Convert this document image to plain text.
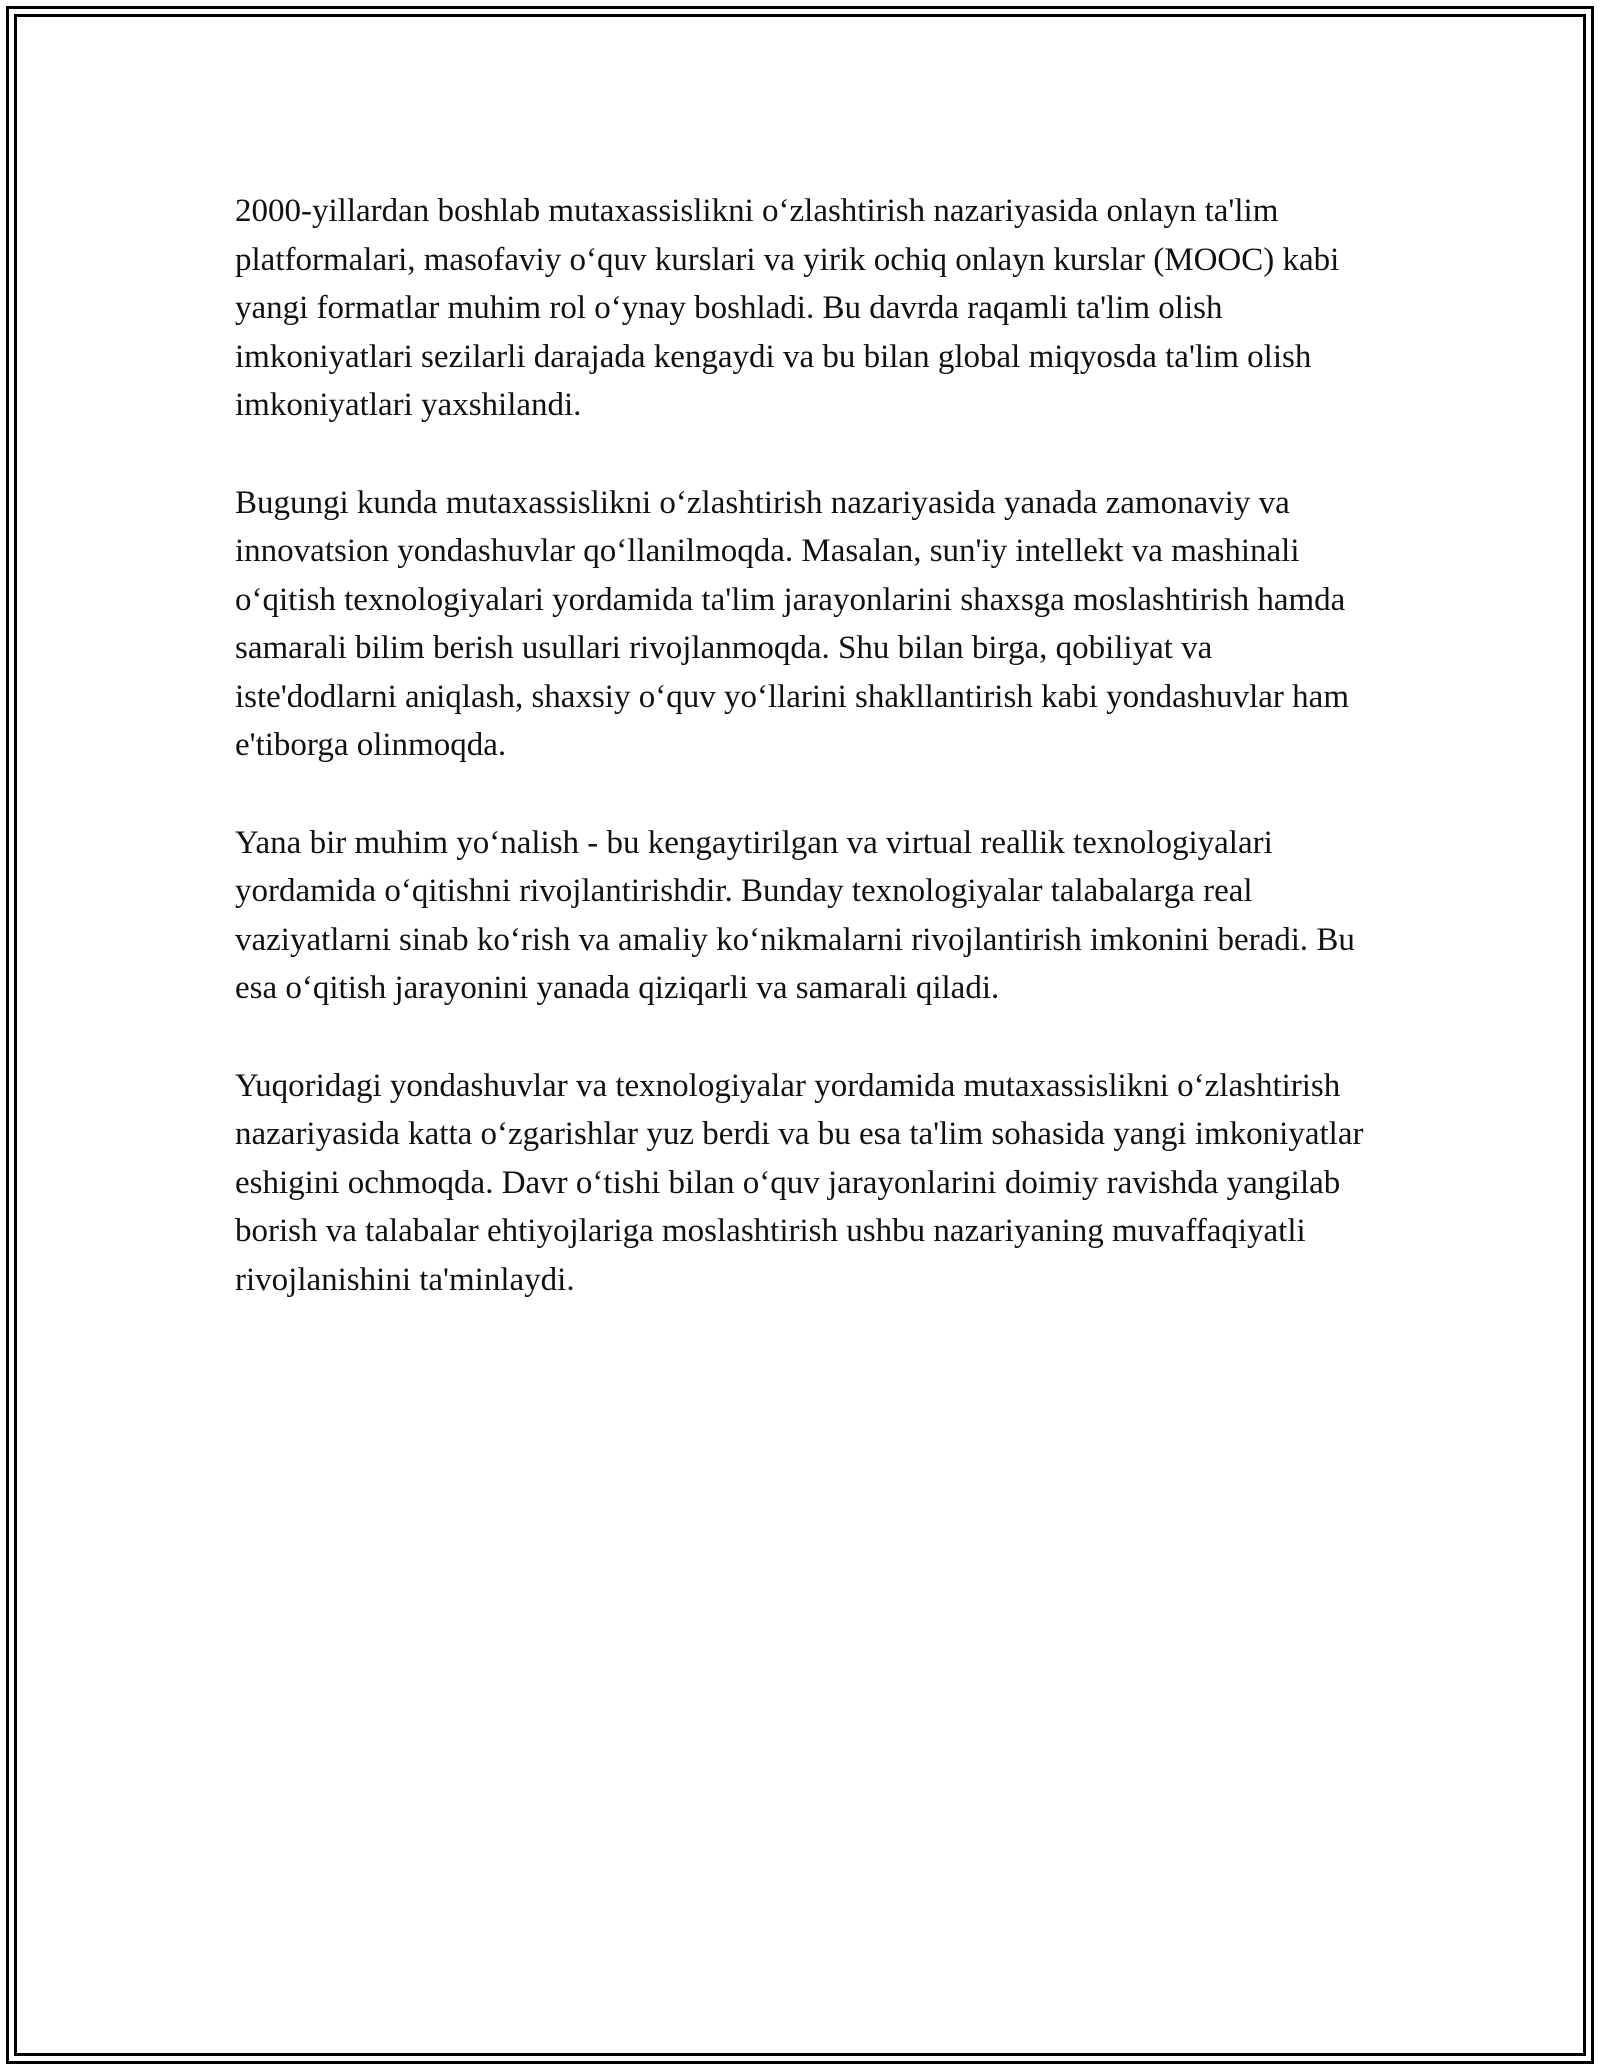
2000-yillardan boshlab mutaxassislikni o‘zlashtirish nazariyasida onlayn ta'lim platformalari, masofaviy o‘quv kurslari va yirik ochiq onlayn kurslar (MOOC) kabi yangi formatlar muhim rol o‘ynay boshladi. Bu davrda raqamli ta'lim olish imkoniyatlari sezilarli darajada kengaydi va bu bilan global miqyosda ta'lim olish imkoniyatlari yaxshilandi.

Bugungi kunda mutaxassislikni o‘zlashtirish nazariyasida yanada zamonaviy va innovatsion yondashuvlar qo‘llanilmoqda. Masalan, sun'iy intellekt va mashinali o‘qitish texnologiyalari yordamida ta'lim jarayonlarini shaxsga moslashtirish hamda samarali bilim berish usullari rivojlanmoqda. Shu bilan birga, qobiliyat va iste'dodlarni aniqlash, shaxsiy o‘quv yo‘llarini shakllantirish kabi yondashuvlar ham e'tiborga olinmoqda.

Yana bir muhim yo‘nalish - bu kengaytirilgan va virtual reallik texnologiyalari yordamida o‘qitishni rivojlantirishdir. Bunday texnologiyalar talabalarga real vaziyatlarni sinab ko‘rish va amaliy ko‘nikmalarni rivojlantirish imkonini beradi. Bu esa o‘qitish jarayonini yanada qiziqarli va samarali qiladi.

Yuqoridagi yondashuvlar va texnologiyalar yordamida mutaxassislikni o‘zlashtirish nazariyasida katta o‘zgarishlar yuz berdi va bu esa ta'lim sohasida yangi imkoniyatlar eshigini ochmoqda. Davr o‘tishi bilan o‘quv jarayonlarini doimiy ravishda yangilab borish va talabalar ehtiyojlariga moslashtirish ushbu nazariyaning muvaffaqiyatli rivojlanishini ta'minlaydi.
